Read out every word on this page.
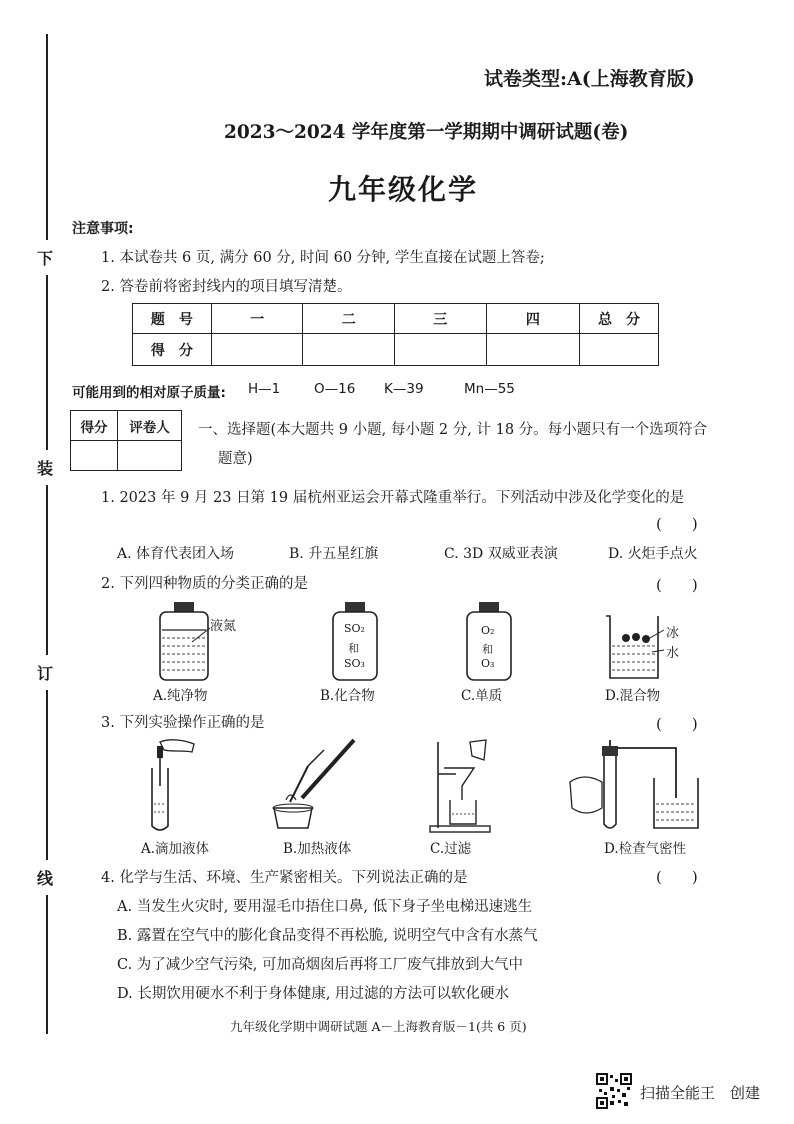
下
装
订
线
试卷类型:A(上海教育版)
2023～2024 学年度第一学期期中调研试题(卷)
九年级化学
注意事项:
1. 本试卷共 6 页, 满分 60 分, 时间 60 分钟, 学生直接在试题上答卷;
2. 答卷前将密封线内的项目填写清楚。
题　号	一	二	三	四	总　分
得　分					
可能用到的相对原子质量: H—1	O—16 K—39	Mn—55
得分	评卷人
	一、选择题(本大题共 9 小题, 每小题 2 分, 计 18 分。每小题只有一个选项符合
题意)
1. 2023 年 9 月 23 日第 19 届杭州亚运会开幕式隆重举行。下列活动中涉及化学变化的是
(　　)
A. 体育代表团入场	B. 升五星红旗	C. 3D 双威亚表演	D. 火炬手点火
2. 下列四种物质的分类正确的是	(　　)
液氮	SO₂
和
SO₃
O₂
和
O₃
冰
水
A.纯净物	B.化合物	C.单质	D.混合物
3. 下列实验操作正确的是	(　　)
A.滴加液体	B.加热液体	C.过滤	D.检查气密性
4. 化学与生活、环境、生产紧密相关。下列说法正确的是	(　　)
A. 当发生火灾时, 要用湿毛巾捂住口鼻, 低下身子坐电梯迅速逃生
B. 露置在空气中的膨化食品变得不再松脆, 说明空气中含有水蒸气
C. 为了减少空气污染, 可加高烟囱后再将工厂废气排放到大气中
D. 长期饮用硬水不利于身体健康, 用过滤的方法可以软化硬水
九年级化学期中调研试题 A－上海教育版－1(共 6 页)
扫描全能王　创建
